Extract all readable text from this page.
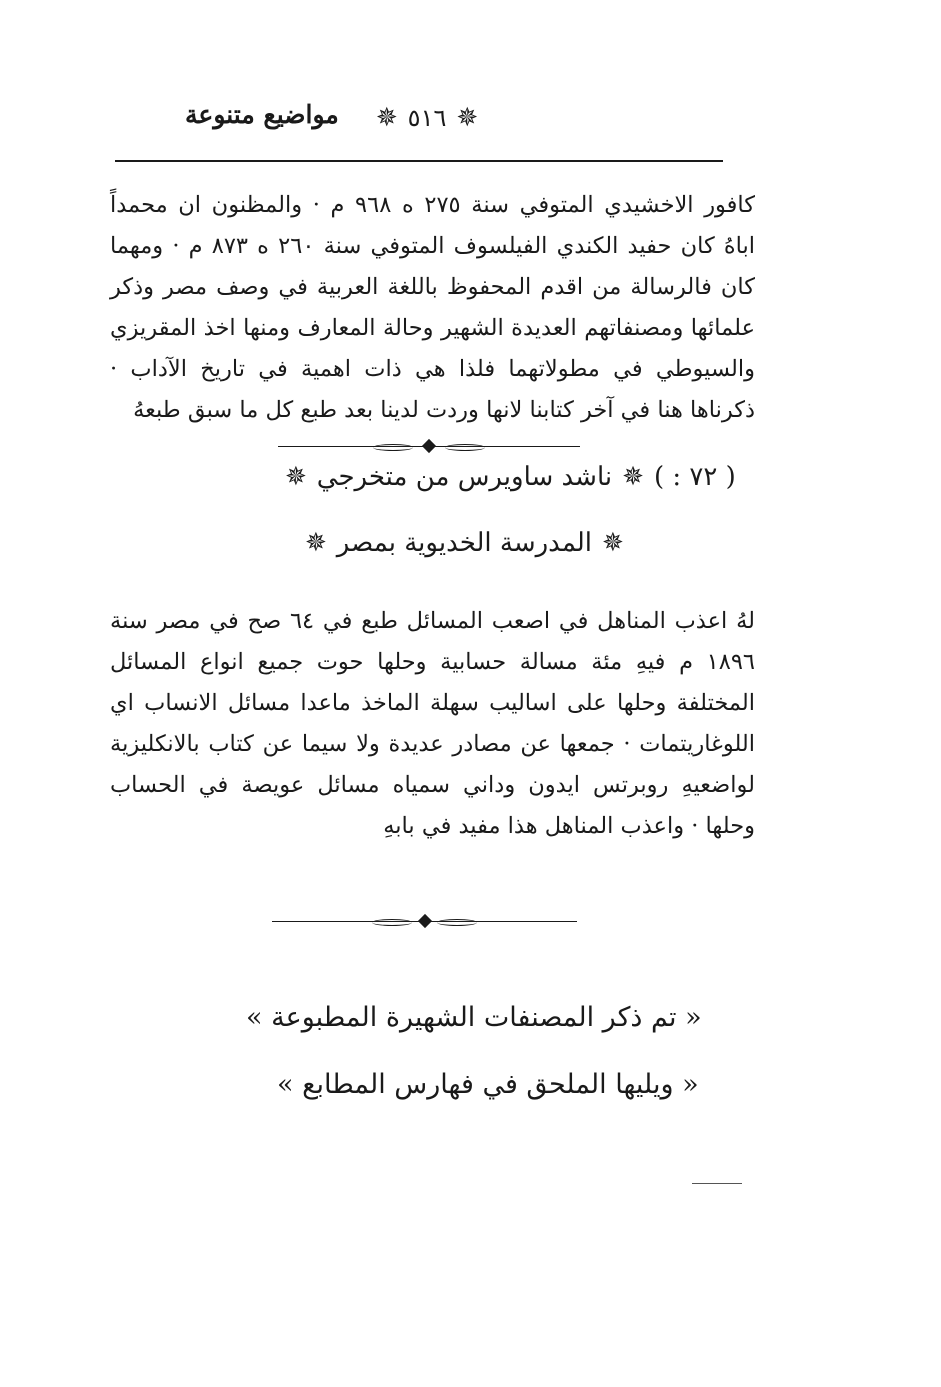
✵
٥١٦
✵
مواضيع متنوعة
كافور الاخشيدي المتوفي سنة ٢٧٥ ه ٩٦٨ م · والمظنون ان محمداً اباهُ كان حفيد الكندي الفيلسوف المتوفي سنة ٢٦٠ ه ٨٧٣ م · ومهما كان فالرسالة من اقدم المحفوظ باللغة العربية في وصف مصر وذكر علمائها ومصنفاتهم العديدة الشهير وحالة المعارف ومنها اخذ المقريزي والسيوطي في مطولاتهما فلذا هي ذات اهمية في تاريخ الآداب · ذكرناها هنا في آخر كتابنا لانها وردت لدينا بعد طبع كل ما سبق طبعهُ
( ٧٢ : )
✵
ناشد ساويرس من متخرجي
✵
✵
المدرسة الخديوية بمصر
✵
لهُ اعذب المناهل في اصعب المسائل طبع في ٦٤ صح في مصر سنة ١٨٩٦ م فيهِ مئة مسالة حسابية وحلها حوت جميع انواع المسائل المختلفة وحلها على اساليب سهلة الماخذ ماعدا مسائل الانساب اي اللوغاريتمات · جمعها عن مصادر عديدة ولا سيما عن كتاب بالانكليزية لواضعيهِ روبرتس ايدون وداني سمياه مسائل عويصة في الحساب وحلها · واعذب المناهل هذا مفيد في بابهِ
« تم ذكر المصنفات الشهيرة المطبوعة »
« ويليها الملحق في فهارس المطابع »
